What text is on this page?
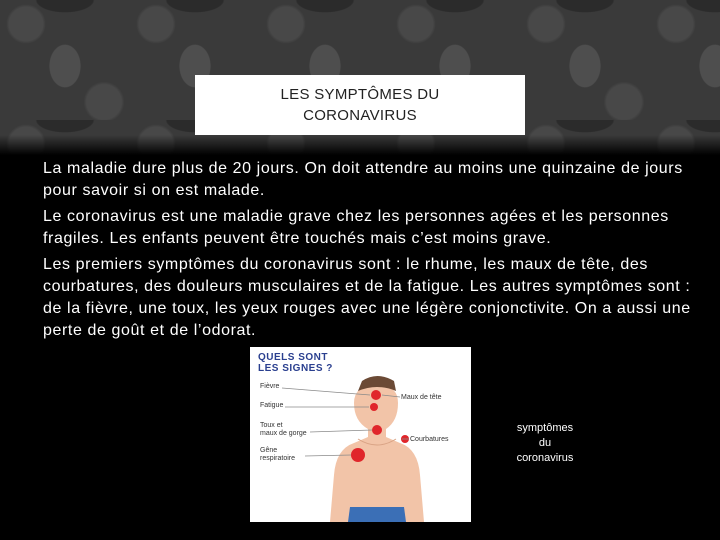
LES SYMPTÔMES DU
CORONAVIRUS

La maladie dure plus de 20 jours. On doit attendre au moins une quinzaine de jours pour savoir si on est malade.

Le coronavirus est une maladie grave chez les personnes agées et les personnes fragiles. Les enfants peuvent être touchés mais c’est moins grave.

Les premiers symptômes du coronavirus sont : le rhume, les maux de tête, des courbatures, des douleurs musculaires et de la fatigue. Les autres symptômes sont : de la fièvre, une toux, les yeux rouges avec une légère conjonctivite. On a aussi une perte de goût et de l’odorat.

QUELS SONT
LES SIGNES ?
Fièvre
Fatigue
Toux et
maux de gorge
Gêne
respiratoire
Maux de tête
Courbatures
symptômes
du
coronavirus
